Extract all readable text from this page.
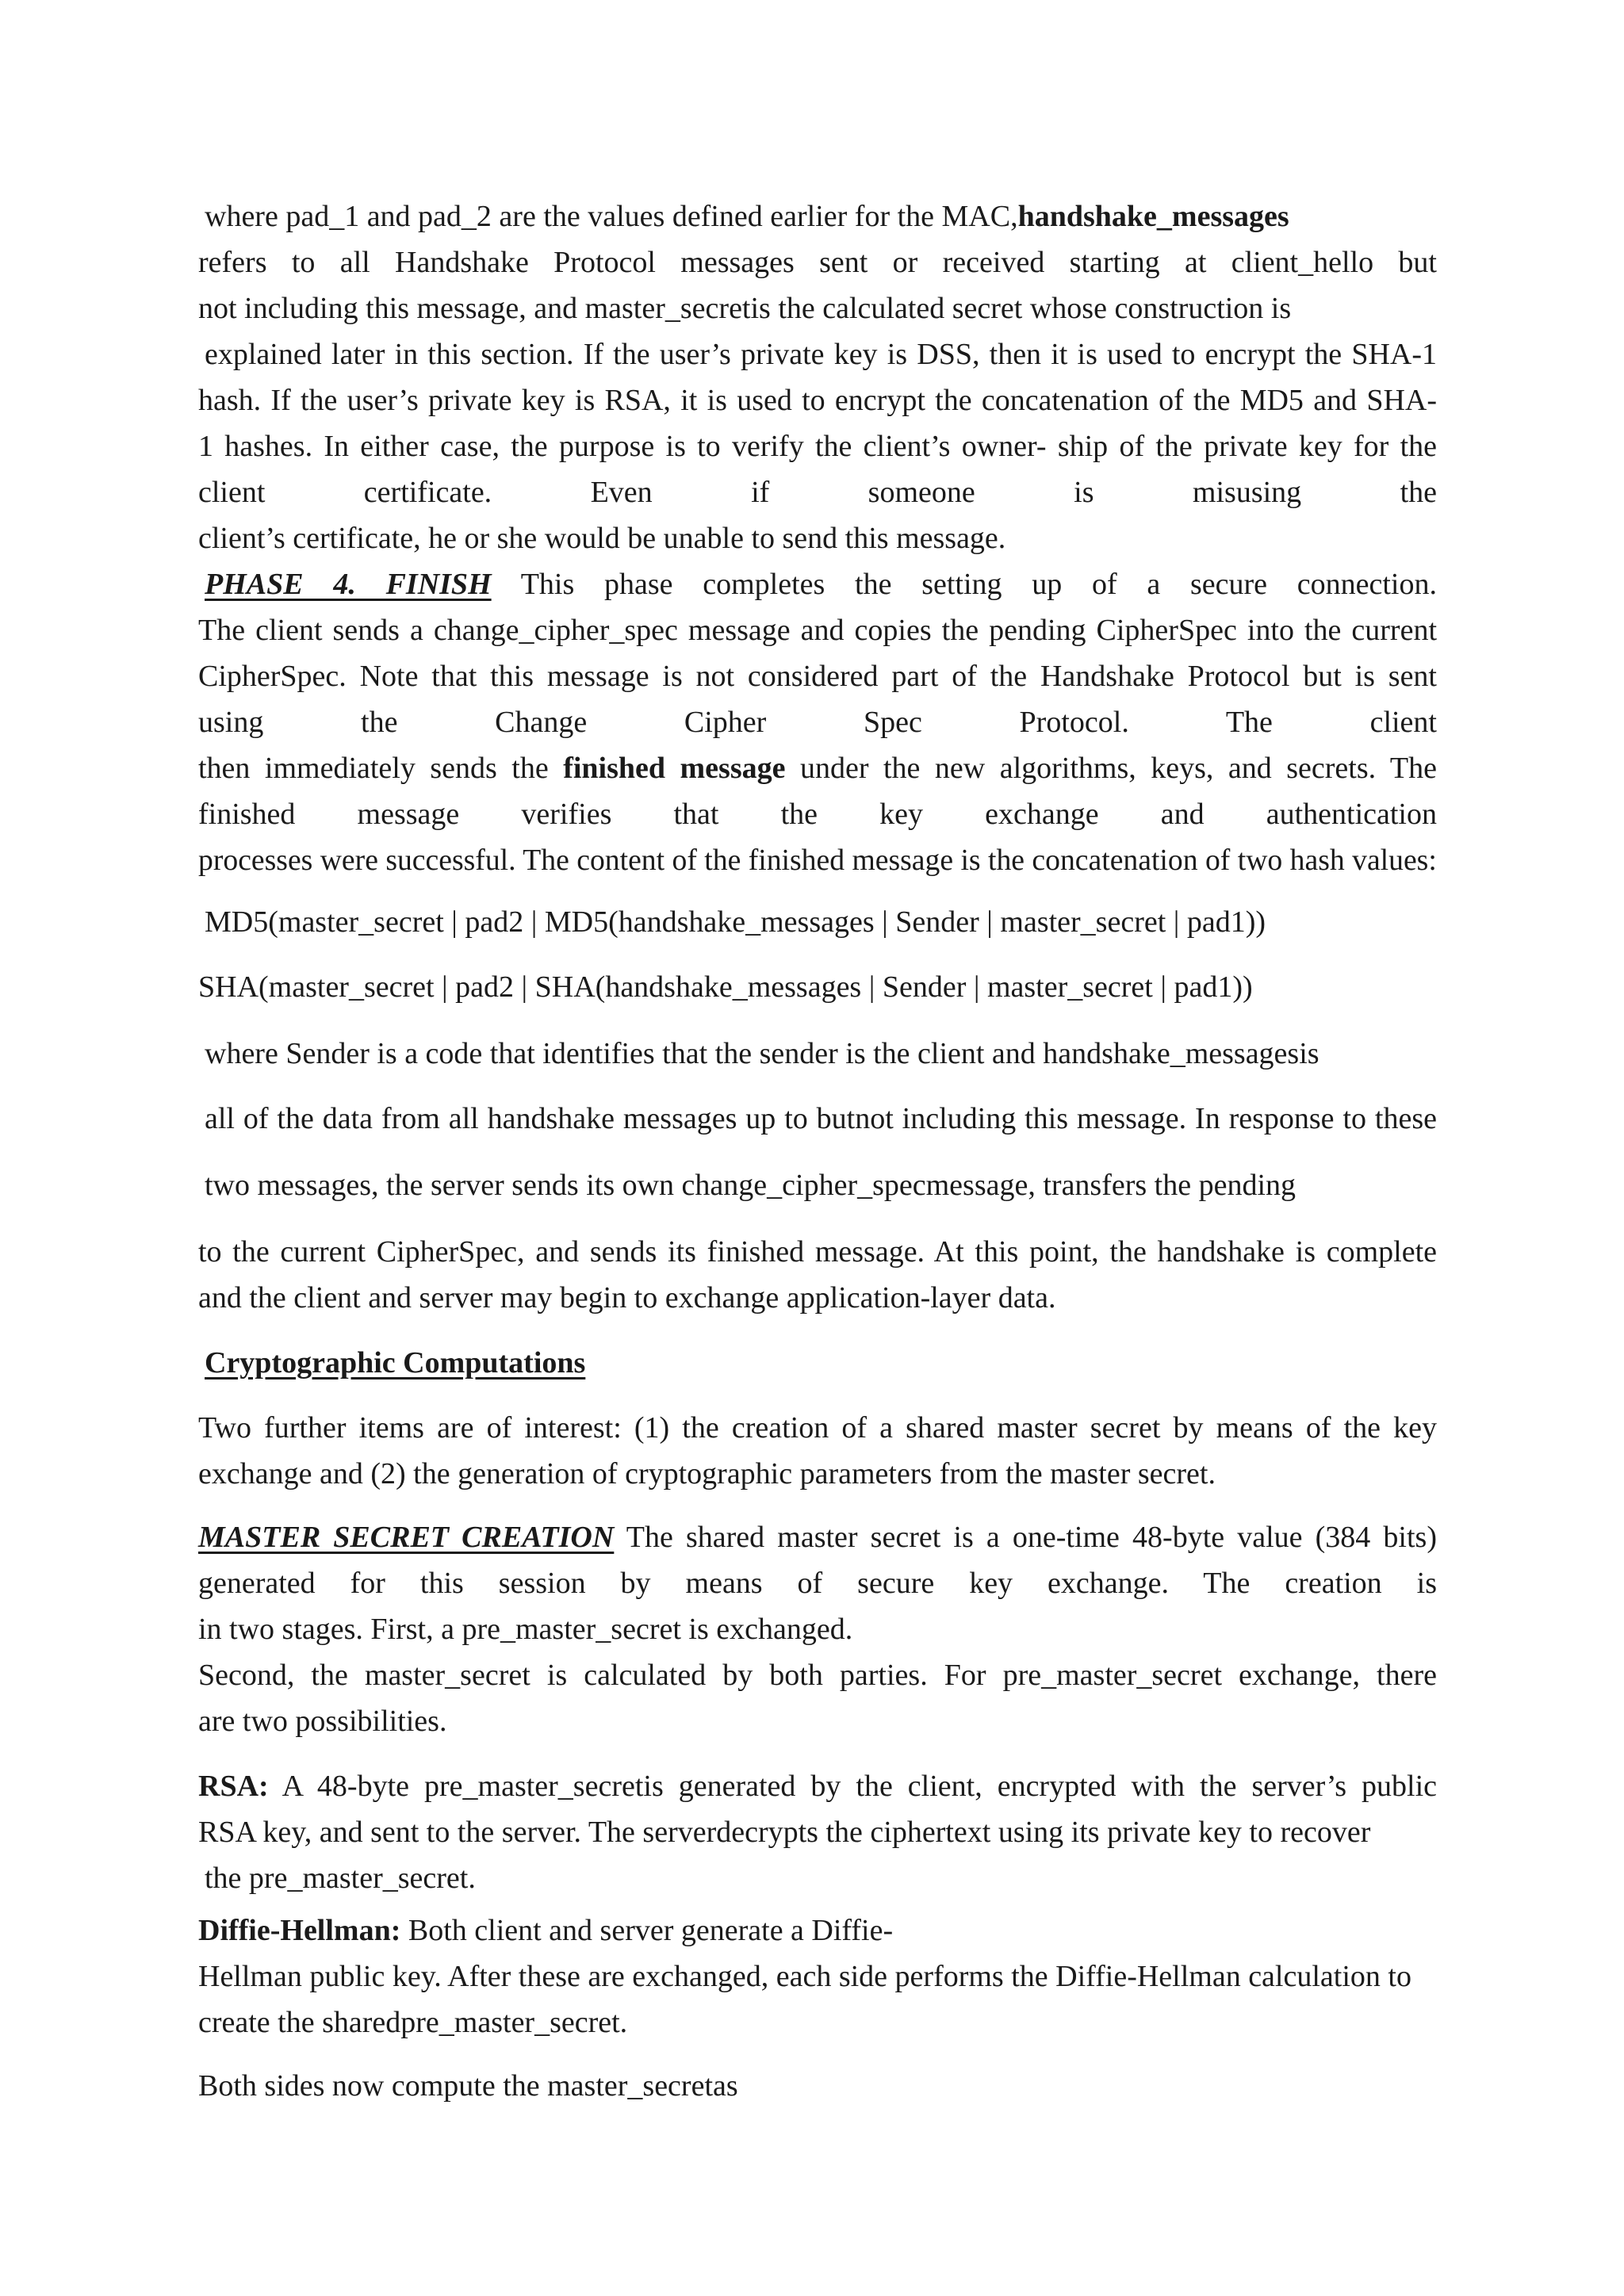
where pad_1 and pad_2 are the values defined earlier for the MAC,handshake_messages
refers to all Handshake Protocol messages sent or received starting at client_hello but
not including this message, and master_secretis the calculated secret whose construction is
explained later in this section. If the user’s private key is DSS, then it is used to encrypt the SHA-1
hash. If the user’s private key is RSA, it is used to encrypt the concatenation of the MD5 and SHA-
1 hashes. In either case, the purpose is to verify the client’s owner- ship of the private key for the
client certificate. Even if someone is misusing the
client’s certificate, he or she would be unable to send this message.
PHASE 4. FINISH This phase completes the setting up of a secure connection.
The client sends a change_cipher_spec message and copies the pending CipherSpec into the current
CipherSpec. Note that this message is not considered part of the Handshake Protocol but is sent
using the Change Cipher Spec Protocol. The client
then immediately sends the finished message under the new algorithms, keys, and secrets. The
finished message verifies that the key exchange and authentication
processes were successful. The content of the finished message is the concatenation of two hash values:
MD5(master_secret | pad2 | MD5(handshake_messages | Sender | master_secret | pad1))
SHA(master_secret | pad2 | SHA(handshake_messages | Sender | master_secret | pad1))
where Sender is a code that identifies that the sender is the client and handshake_messagesis
all of the data from all handshake messages up to butnot including this message. In response to these
two messages, the server sends its own change_cipher_specmessage, transfers the pending
to the current CipherSpec, and sends its finished message. At this point, the handshake is complete
and the client and server may begin to exchange application-layer data.
Cryptographic Computations
Two further items are of interest: (1) the creation of a shared master secret by means of the key
exchange and (2) the generation of cryptographic parameters from the master secret.
MASTER SECRET CREATION The shared master secret is a one-time 48-byte value (384 bits)
generated for this session by means of secure key exchange. The creation is
in two stages. First, a pre_master_secret is exchanged.
Second, the master_secret is calculated by both parties. For pre_master_secret exchange, there
are two possibilities.
RSA: A 48-byte pre_master_secretis generated by the client, encrypted with the server’s public
RSA key, and sent to the server. The serverdecrypts the ciphertext using its private key to recover
the pre_master_secret.
Diffie-Hellman: Both client and server generate a Diffie-
Hellman public key. After these are exchanged, each side performs the Diffie-Hellman calculation to
create the sharedpre_master_secret.
Both sides now compute the master_secretas
